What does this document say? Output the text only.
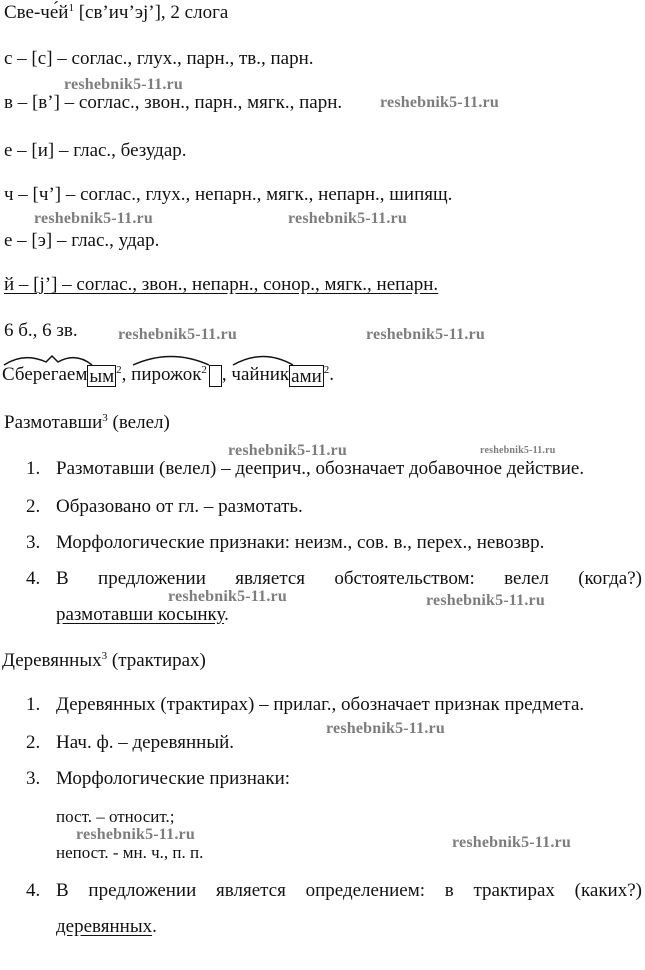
Све-$че́й^1$ [св’ич’эj’], 2 слога
с – [с] – соглас., глух., парн., тв., парн.
в – [в’] – соглас., звон., парн., мягк., парн.
е – [и] – глас., безудар.
ч – [ч’] – соглас., глух., непарн., мягк., непарн., шипящ.
е – [э] – глас., удар.
й – [j’] – соглас., звон., непарн., сонор., мягк., непарн.
6 б., 6 зв.
Сберегаем ым $^2$, пирожок$^2$ , чайник ами $^2$.
Размотавши$^3$ (велел)
1. Размотавши (велел) – дееприч., обозначает добавочное действие.
2. Образовано от гл. – размотать.
3. Морфологические признаки: неизм., сов. в., перех., невозвр.
4. В предложении является обстоятельством: велел (когда?)
размотавши косынку.
Деревянных$^3$ (трактирах)
1. Деревянных (трактирах) – прилаг., обозначает признак предмета.
2. Нач. ф. – деревянный.
3. Морфологические признаки:
пост. – относит.;
непост. - мн. ч., п. п.
4. В предложении является определением: в трактирах (каких?)
деревянных.
reshebnik5-11.ru
reshebnik5-11.ru
reshebnik5-11.ru	reshebnik5-11.ru
reshebnik5-11.ru	reshebnik5-11.ru
reshebnik5-11.ru	reshebnik5-11.ru
reshebnik5-11.ru	reshebnik5-11.ru
reshebnik5-11.ru
reshebnik5-11.ru	reshebnik5-11.ru
